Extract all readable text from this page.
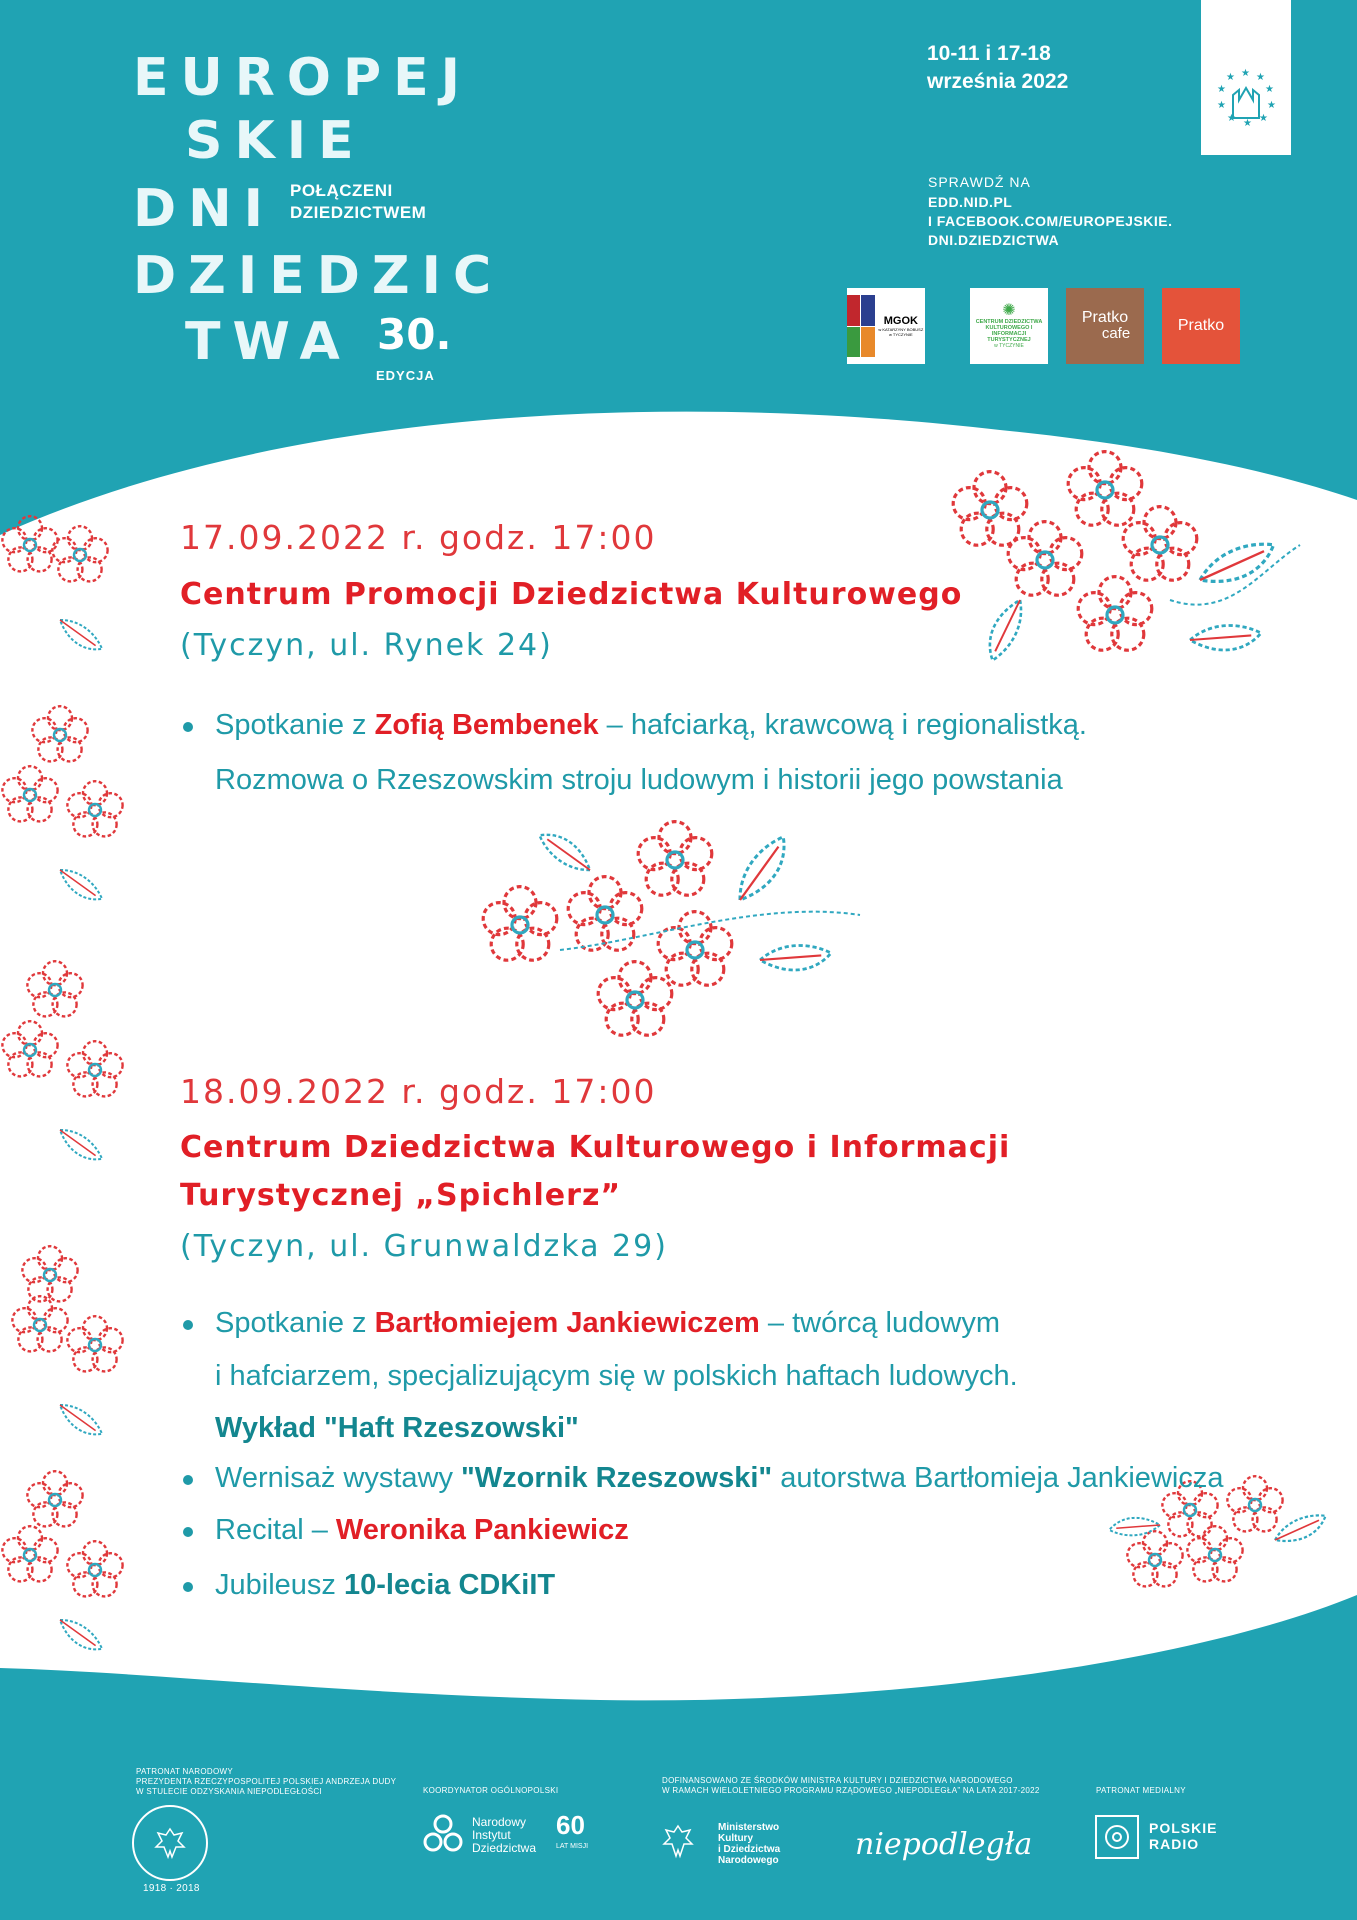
EUROPEJ
SKIE
DNI
DZIEDZIC
TWA
POŁĄCZENI
DZIEDZICTWEM
30.
EDYCJA
10-11 i 17-18
września 2022	★ ★
★
★
★
★
★
★
★
★
SPRAWDŹ NA
EDD.NID.PL
I FACEBOOK.COM/EUROPEJSKIE.
DNI.DZIEDZICTWA
MGOK
w KATARZYNY BOBUSZ w TYCZYNIE
✺
CENTRUM DZIEDZICTWA KULTUROWEGO I INFORMACJI TURYSTYCZNEJ
w TYCZYNIE
Pratko
cafe	Pratko
17.09.2022 r. godz. 17:00
Centrum Promocji Dziedzictwa Kulturowego
(Tyczyn, ul. Rynek 24)
Spotkanie z Zofią Bembenek – hafciarką, krawcową i regionalistką.
Rozmowa o Rzeszowskim stroju ludowym i historii jego powstania
18.09.2022 r. godz. 17:00
Centrum Dziedzictwa Kulturowego i Informacji
Turystycznej „Spichlerz”
(Tyczyn, ul. Grunwaldzka 29)
Spotkanie z Bartłomiejem Jankiewiczem – twórcą ludowym
i hafciarzem, specjalizującym się w polskich haftach ludowych.
Wykład "Haft Rzeszowski"
Wernisaż wystawy "Wzornik Rzeszowski" autorstwa Bartłomieja Jankiewicza
Recital – Weronika Pankiewicz
Jubileusz 10-lecia CDKiIT
PATRONAT NARODOWY
PREZYDENTA RZECZYPOSPOLITEJ POLSKIEJ ANDRZEJA DUDY
W STULECIE ODZYSKANIA NIEPODLEGŁOŚCI	KOORDYNATOR OGÓLNOPOLSKI
DOFINANSOWANO ZE ŚRODKÓW MINISTRA KULTURY I DZIEDZICTWA NARODOWEGO
W RAMACH WIELOLETNIEGO PROGRAMU RZĄDOWEGO „NIEPODLEGŁA” NA LATA 2017-2022	PATRONAT MEDIALNY
1918 · 2018
Narodowy
Instytut
Dziedzictwa
60
LAT MISJI
Ministerstwo
Kultury
i Dziedzictwa
Narodowego	niepodległa	POLSKIE
RADIO
